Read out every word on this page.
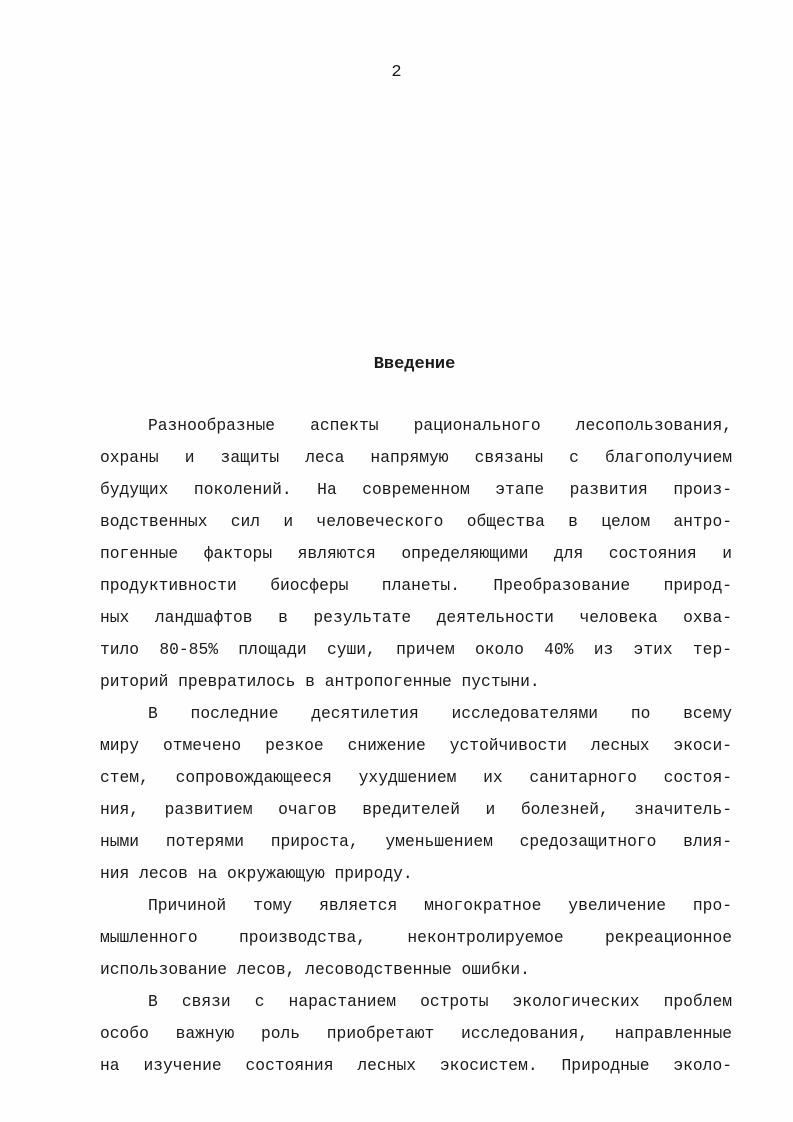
2
Введение
Разнообразные аспекты рационального лесопользования,
охраны и защиты леса напрямую связаны с благополучием
будущих поколений. На современном этапе развития произ-
водственных сил и человеческого общества в целом антро-
погенные факторы являются определяющими для состояния и
продуктивности биосферы планеты. Преобразование природ-
ных ландшафтов в результате деятельности человека охва-
тило 80-85% площади суши, причем около 40% из этих тер-
риторий превратилось в антропогенные пустыни.
В последние десятилетия исследователями по всему
миру отмечено резкое снижение устойчивости лесных экоси-
стем, сопровождающееся ухудшением их санитарного состоя-
ния, развитием очагов вредителей и болезней, значитель-
ными потерями прироста, уменьшением средозащитного влия-
ния лесов на окружающую природу.
Причиной тому является многократное увеличение про-
мышленного производства, неконтролируемое рекреационное
использование лесов, лесоводственные ошибки.
В связи с нарастанием остроты экологических проблем
особо важную роль приобретают исследования, направленные
на изучение состояния лесных экосистем. Природные эколо-
